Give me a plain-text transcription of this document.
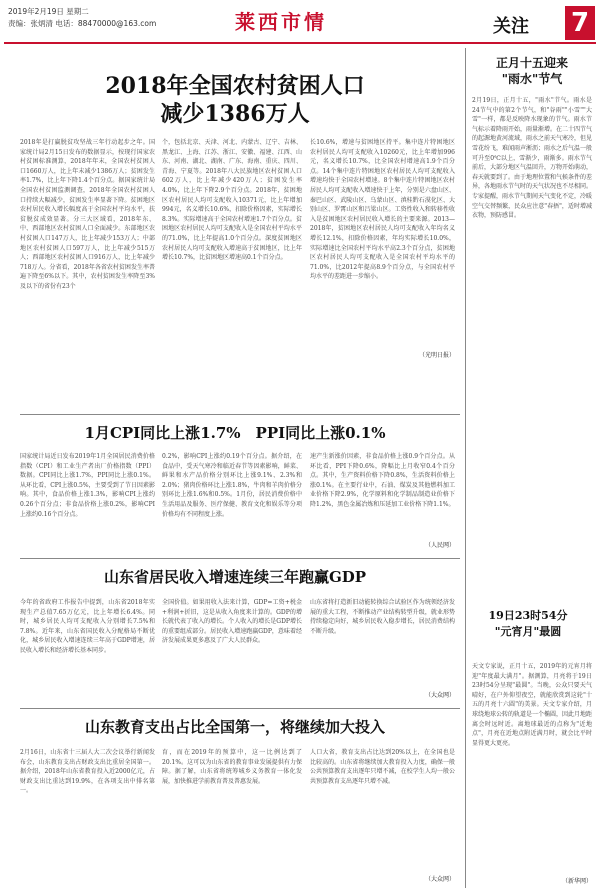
2019年2月19日 星期二
责编：张炳清 电话：88470000@163.com	莱西市情	关注 7
2018年全国农村贫困人口
减少1386万人
2018年是打赢脱贫攻坚战三年行动起步之年。国家统计局2月15日发布的数据显示，按现行国家农村贫困标准测算，2018年年末，全国农村贫困人口1660万人，比上年末减少1386万人；贫困发生率1.7%，比上年下降1.4个百分点。据国家统计局全国农村贫困监测调查，2018年全国农村贫困人口持续大幅减少，贫困发生率显著下降。贫困地区农村居民收入增长幅度高于全国农村平均水平，扶贫脱贫成效显著。分三大区域看，2018年东、中、西部地区农村贫困人口全面减少。东部地区农村贫困人口147万人，比上年减少153万人；中部地区农村贫困人口597万人，比上年减少515万人；西部地区农村贫困人口916万人，比上年减少718万人。分省看，2018年各省农村贫困发生率普遍下降至6%以下。其中，农村贫困发生率降至3%及以下的省份有23个
个，包括北京、天津、河北、内蒙古、辽宁、吉林、黑龙江、上海、江苏、浙江、安徽、福建、江西、山东、河南、湖北、湖南、广东、海南、重庆、四川、青海、宁夏等。2018年八大民族地区农村贫困人口602万人，比上年减少420万人；贫困发生率4.0%，比上年下降2.9个百分点。2018年，贫困地区农村居民人均可支配收入10371元，比上年增加994元，名义增长10.6%，扣除价格因素，实际增长8.3%。实际增速高于全国农村增速1.7个百分点。贫困地区农村居民人均可支配收入是全国农村平均水平的71.0%，比上年提高1.0个百分点。深度贫困地区农村居民人均可支配收入增速高于贫困地区，比上年增长10.7%，比贫困地区增速高0.1个百分点。
长10.6%，增速与贫困地区持平。集中连片特困地区农村居民人均可支配收入10260元，比上年增加996元，名义增长10.7%，比全国农村增速高1.9个百分点。14个集中连片特困地区农村居民人均可支配收入增速均快于全国农村增速。8个集中连片特困地区农村居民人均可支配收入增速快于上年，分别是六盘山区、秦巴山区、武陵山区、乌蒙山区、滇桂黔石漠化区、大别山区、罗霄山区和吕梁山区。工资性收入和转移性收入是贫困地区农村居民收入增长的主要来源。2013—2018年，贫困地区农村居民人均可支配收入年均名义增长12.1%，扣除价格因素，年均实际增长10.0%，实际增速比全国农村平均水平高2.3个百分点，贫困地区农村居民人均可支配收入是全国农村平均水平的71.0%，比2012年提高8.9个百分点，与全国农村平均水平的差距进一步缩小。
（光明日报）
1月CPI同比上涨1.7%　PPI同比上涨0.1%
国家统计局近日发布2019年1月全国居民消费价格指数（CPI）和工业生产者出厂价格指数（PPI）数据。CPI同比上涨1.7%，PPI同比上涨0.1%。从环比看，CPI上涨0.5%，主要受到了节日因素影响。其中，食品价格上涨1.3%，影响CPI上涨约0.26个百分点；非食品价格上涨0.2%，影响CPI上涨约0.16个百分点。
0.2%，影响CPI上涨约0.19个百分点。据介绍，在食品中，受天气寒冷和临近春节等因素影响，鲜菜、鲜果和水产品价格分别环比上涨9.1%、2.3%和2.0%；猪肉价格环比上涨1.8%，牛肉和羊肉价格分别环比上涨1.6%和0.5%。1月份，居民消费价格中生活用品及服务、医疗保健、教育文化和娱乐等分项价格均有不同程度上涨。
速产生新涨价因素，非食品价格上涨0.9个百分点。从环比看，PPI下降0.6%，降幅比上月收窄0.4个百分点。其中，生产资料价格下降0.8%，生活资料价格上涨0.1%。在主要行业中，石油、煤炭及其他燃料加工业价格下降2.9%，化学原料和化学制品制造业价格下降1.2%，黑色金属冶炼和压延加工业价格下降1.1%。
（人民网）
山东省居民收入增速连续三年跑赢GDP
今年的省政府工作报告中提到，山东省2018年实现生产总值7.65万亿元，比上年增长6.4%。同时，城乡居民人均可支配收入分别增长7.5%和7.8%。近年来，山东省国民收入分配格局不断优化，城乡居民收入增速连续三年高于GDP增速，居民收入增长和经济增长基本同步。
全国价值。如果用收入法来计算，GDP=工资+税金+利润+折旧，这是从收入角度来计算的。GDP的增长就代表了收入的增长。个人收入的增长是GDP增长的重要组成部分。居民收入增速跑赢GDP，意味着经济发展成果更多惠及了广大人民群众。
山东省将打造新旧动能转换综合试验区作为统领经济发展的重大工程，不断推动产业结构转型升级，就业形势持续稳定向好，城乡居民收入稳步增长，居民消费结构不断升级。
（大众网）
山东教育支出占比全国第一，将继续加大投入
2月16日，山东省十三届人大二次会议举行新闻发布会，山东教育支出占财政支出比重居全国第一。据介绍，2018年山东省教育投入近2000亿元，占财政支出比重达到19.9%，在各项支出中排名第一。
育，而在2019年的预算中，这一比例达到了20.1%。这可以为山东省的教育事业发展提供有力保障。据了解，山东省将统筹城乡义务教育一体化发展，加快推进学前教育普及普惠发展。
人口大省，教育支出占比达到20%以上，在全国也是比较高的。山东省将继续加大教育投入力度，确保一般公共预算教育支出逐年只增不减，在校学生人均一般公共预算教育支出逐年只增不减。
（大众网）
正月十五迎来
"雨水"节气
2月19日，正月十五，"雨水"节气。雨水是24节气中的第2个节气，和"谷雨""小雪""大雪"一样，都是反映降水现象的节气。雨水节气标示着降雨开始，雨量渐增。在二十四节气的起源地黄河流域，雨水之前天气寒冷，但见雪花纷飞，难闻雨声淅沥；雨水之后气温一般可升至0℃以上，雪渐少，雨渐多。雨水节气前后，大部分地区气温回升，万物开始萌动，春天就要到了。由于地理位置和气候条件的差异，各地雨水节气时的天气状况也不尽相同。专家提醒，雨水节气期间天气变化不定，冷暖空气交替频繁，民众应注意"春捂"，适时增减衣物，预防感冒。
19日23时54分
"元宵月"最圆
天文专家说，正月十五，2019年的元宵月将迎"年度最大满月"。据测算，月亮将于19日23时54分呈现"最圆"。当晚，公众只要天气晴好，在户外仰望夜空，就能欣赏到这轮"十五的月亮十六圆"的美景。天文专家介绍，月球绕地球公转的轨道是一个椭圆，因此月地距离会时远时近。离地球最近的点称为"近地点"，月亮在近地点附近满月时，就会比平时显得更大更亮。
（新华网）
